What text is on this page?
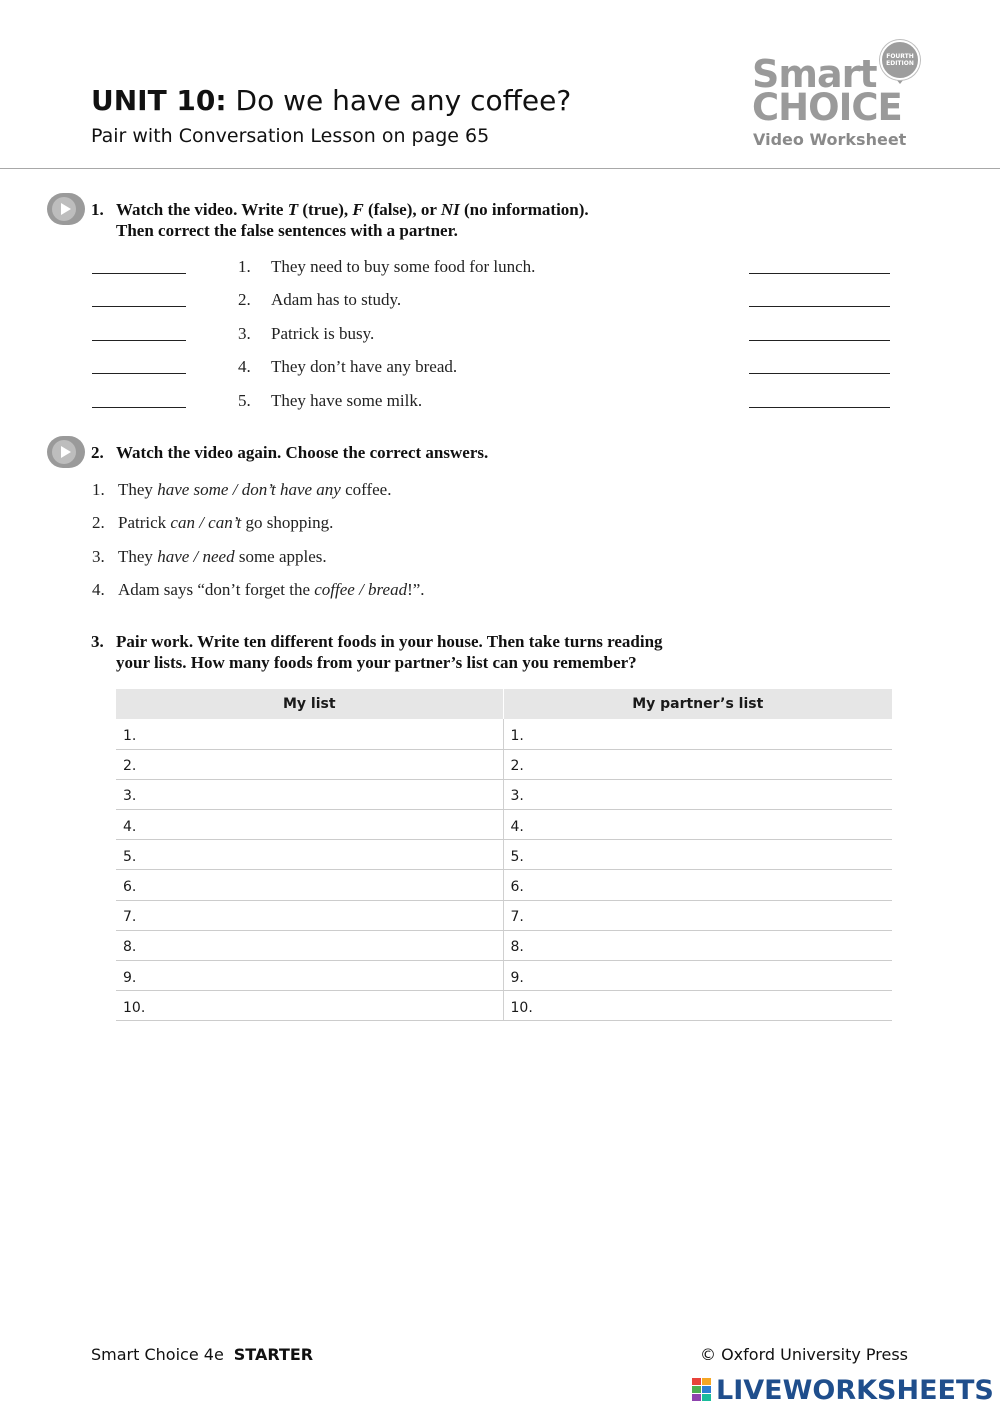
UNIT 10: Do we have any coffee?
Pair with Conversation Lesson on page 65
Smart
CHOICE
FOURTH
EDITION
Video Worksheet
1. Watch the video. Write T (true), F (false), or NI (no information).
Then correct the false sentences with a partner.
1. They need to buy some food for lunch.
2. Adam has to study.
3. Patrick is busy.
4. They don’t have any bread.
5. They have some milk.
2. Watch the video again. Choose the correct answers.
1. They have some / don’t have any coffee.
2. Patrick can / can’t go shopping.
3. They have / need some apples.
4. Adam says “don’t forget the coffee / bread!”.
3. Pair work. Write ten different foods in your house. Then take turns reading
your lists. How many foods from your partner’s list can you remember?
My list	My partner’s list
1.	1.
2.	2.
3.	3.
4.	4.
5.	5.
6.	6.
7.	7.
8.	8.
9.	9.
10.	10.
Smart Choice 4e STARTER	© Oxford University Press
LIVEWORKSHEETS
